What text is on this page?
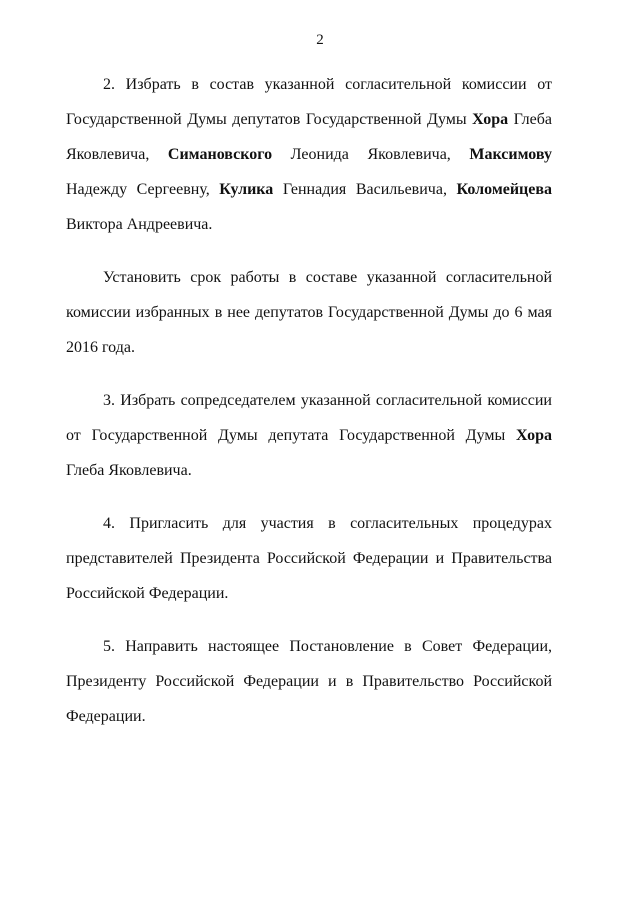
2

2. Избрать в состав указанной согласительной комиссии от Государственной Думы депутатов Государственной Думы Хора Глеба Яковлевича, Симановского Леонида Яковлевича, Максимову Надежду Сергеевну, Кулика Геннадия Васильевича, Коломейцева Виктора Андреевича.

Установить срок работы в составе указанной согласительной комиссии избранных в нее депутатов Государственной Думы до 6 мая 2016 года.

3. Избрать сопредседателем указанной согласительной комиссии от Государственной Думы депутата Государственной Думы Хора Глеба Яковлевича.

4. Пригласить для участия в согласительных процедурах представителей Президента Российской Федерации и Правительства Российской Федерации.

5. Направить настоящее Постановление в Совет Федерации, Президенту Российской Федерации и в Правительство Российской Федерации.
